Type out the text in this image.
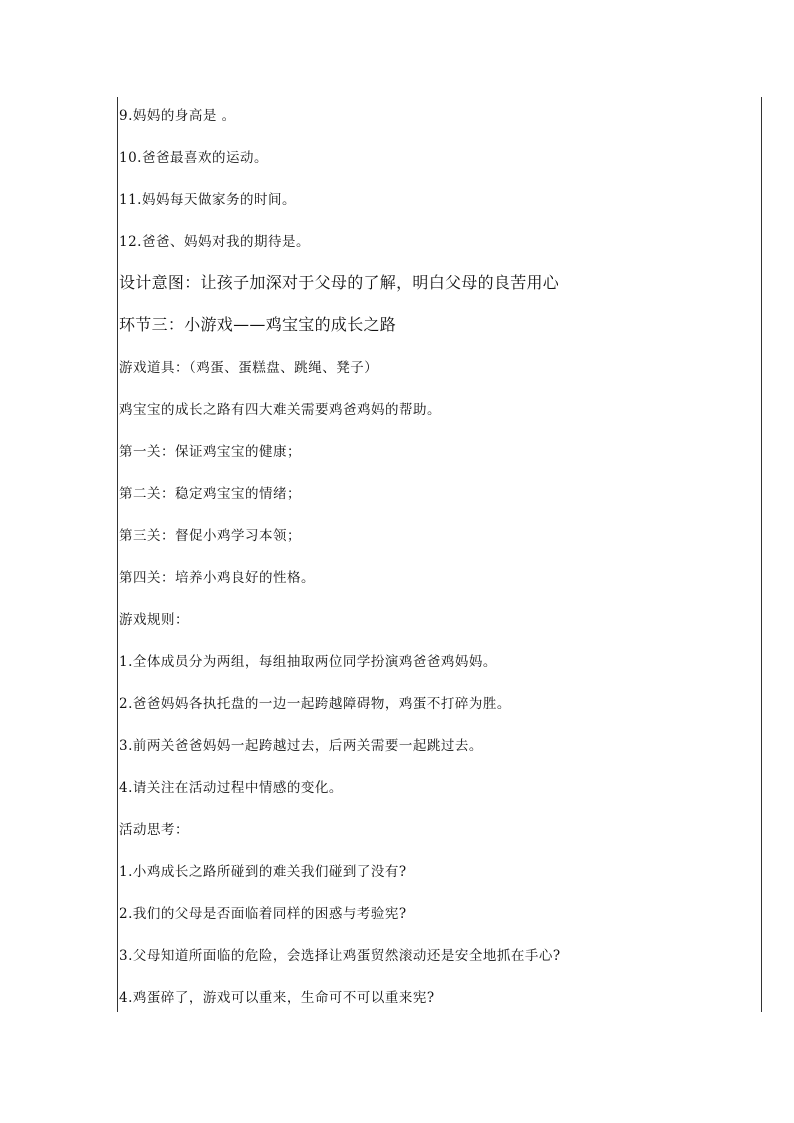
9.妈妈的身高是 。
10.爸爸最喜欢的运动。
11.妈妈每天做家务的时间。
12.爸爸、妈妈对我的期待是。
设计意图：让孩子加深对于父母的了解，明白父母的良苦用心
环节三：小游戏——鸡宝宝的成长之路
游戏道具：（鸡蛋、蛋糕盘、跳绳、凳子）
鸡宝宝的成长之路有四大难关需要鸡爸鸡妈的帮助。
第一关：保证鸡宝宝的健康；
第二关：稳定鸡宝宝的情绪；
第三关：督促小鸡学习本领；
第四关：培养小鸡良好的性格。
游戏规则：
1.全体成员分为两组，每组抽取两位同学扮演鸡爸爸鸡妈妈。
2.爸爸妈妈各执托盘的一边一起跨越障碍物，鸡蛋不打碎为胜。
3.前两关爸爸妈妈一起跨越过去，后两关需要一起跳过去。
4.请关注在活动过程中情感的变化。
活动思考：
1.小鸡成长之路所碰到的难关我们碰到了没有?
2.我们的父母是否面临着同样的困惑与考验宪?
3.父母知道所面临的危险，会选择让鸡蛋贸然滚动还是安全地抓在手心?
4.鸡蛋碎了，游戏可以重来，生命可不可以重来宪?
